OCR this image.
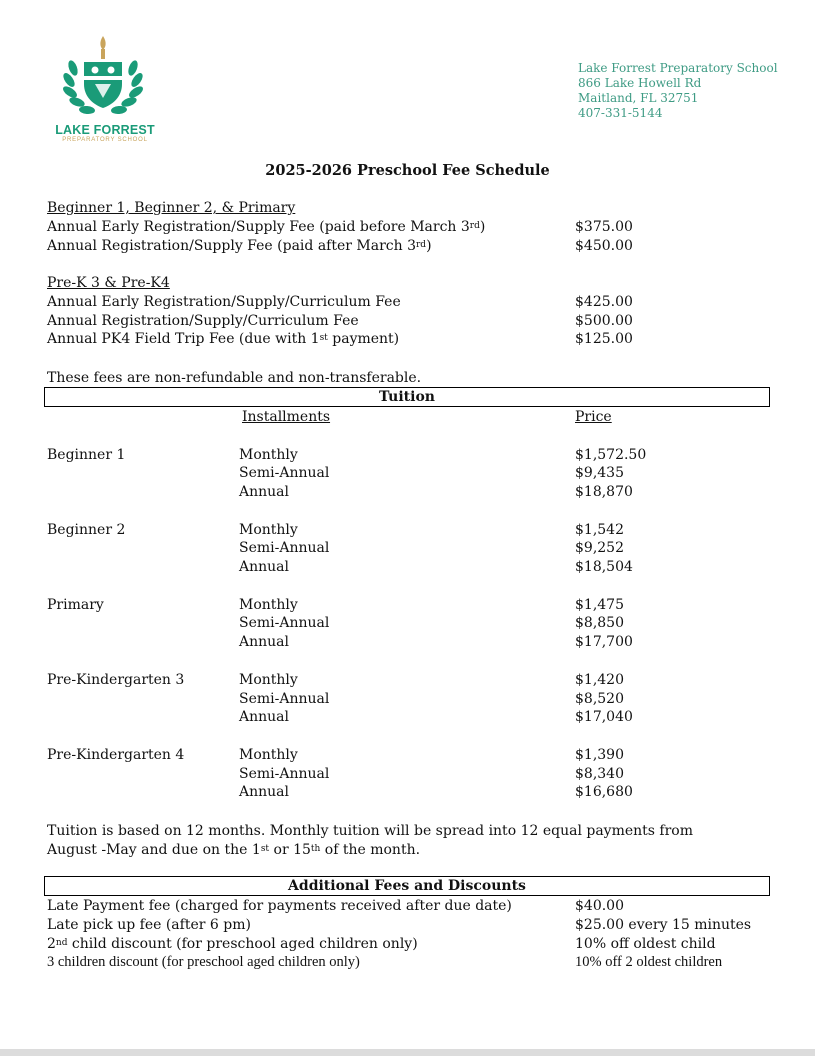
LAKE FORREST
PREPARATORY SCHOOL
Lake Forrest Preparatory School
866 Lake Howell Rd
Maitland, FL 32751
407-331-5144
2025-2026 Preschool Fee Schedule
Beginner 1, Beginner 2, & Primary
Annual Early Registration/Supply Fee (paid before March 3rd)	$375.00
Annual Registration/Supply Fee (paid after March 3rd)	$450.00
Pre-K 3 & Pre-K4
Annual Early Registration/Supply/Curriculum Fee	$425.00
Annual Registration/Supply/Curriculum Fee	$500.00
Annual PK4 Field Trip Fee (due with 1st payment)	$125.00
These fees are non-refundable and non-transferable.
Tuition
Installments	Price
Beginner 1	Monthly	$1,572.50
Semi-Annual	$9,435
Annual	$18,870
Beginner 2	Monthly	$1,542
Semi-Annual	$9,252
Annual	$18,504
Primary	Monthly	$1,475
Semi-Annual	$8,850
Annual	$17,700
Pre-Kindergarten 3	Monthly	$1,420
Semi-Annual	$8,520
Annual	$17,040
Pre-Kindergarten 4	Monthly	$1,390
Semi-Annual	$8,340
Annual	$16,680
Tuition is based on 12 months. Monthly tuition will be spread into 12 equal payments from
August -May and due on the 1st or 15th of the month.
Additional Fees and Discounts
Late Payment fee (charged for payments received after due date)	$40.00
Late pick up fee (after 6 pm)	$25.00 every 15 minutes
2nd child discount (for preschool aged children only)	10% off oldest child
3 children discount (for preschool aged children only)	10% off 2 oldest children
